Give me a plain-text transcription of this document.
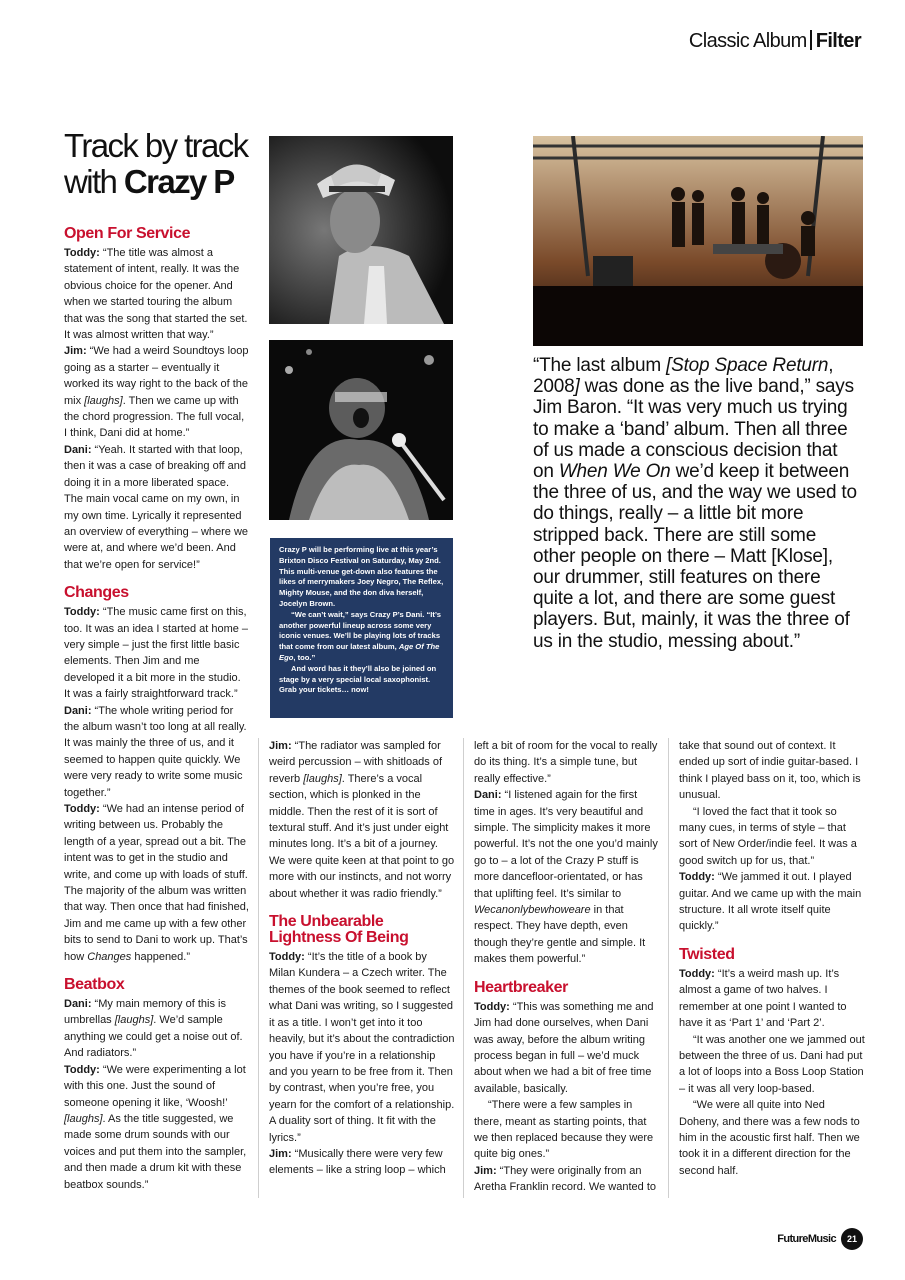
Classic Album Filter
Track by track
with Crazy P

Crazy P will be performing live at this year’s Brixton Disco Festival on Saturday, May 2nd. This multi-venue get-down also features the likes of merrymakers Joey Negro, The Reflex, Mighty Mouse, and the don diva herself, Jocelyn Brown.

“We can’t wait,” says Crazy P’s Dani. “It’s another powerful lineup across some very iconic venues. We’ll be playing lots of tracks that come from our latest album, Age Of The Ego, too.”

And word has it they’ll also be joined on stage by a very special local saxophonist. Grab your tickets… now!

“The last album [Stop Space Return, 2008] was done as the live band,” says Jim Baron. “It was very much us trying to make a ‘band’ album. Then all three of us made a conscious decision that on When We On we’d keep it between the three of us, and the way we used to do things, really – a little bit more stripped back. There are still some other people on there – Matt [Klose], our drummer, still features on there quite a lot, and there are some guest players. But, mainly, it was the three of us in the studio, messing about.”
Open For Service

Toddy: “The title was almost a statement of intent, really. It was the obvious choice for the opener. And when we started touring the album that was the song that started the set. It was almost written that way.”

Jim: “We had a weird Soundtoys loop going as a starter – eventually it worked its way right to the back of the mix [laughs]. Then we came up with the chord progression. The full vocal, I think, Dani did at home.”

Dani: “Yeah. It started with that loop, then it was a case of breaking off and doing it in a more liberated space. The main vocal came on my own, in my own time. Lyrically it represented an overview of everything – where we were at, and where we’d been. And that we’re open for service!”

Changes

Toddy: “The music came first on this, too. It was an idea I started at home – very simple – just the first little basic elements. Then Jim and me developed it a bit more in the studio. It was a fairly straightforward track.”

Dani: “The whole writing period for the album wasn’t too long at all really. It was mainly the three of us, and it seemed to happen quite quickly. We were very ready to write some music together.”

Toddy: “We had an intense period of writing between us. Probably the length of a year, spread out a bit. The intent was to get in the studio and write, and come up with loads of stuff. The majority of the album was written that way. Then once that had finished, Jim and me came up with a few other bits to send to Dani to work up. That’s how Changes happened.”

Beatbox

Dani: “My main memory of this is umbrellas [laughs]. We’d sample anything we could get a noise out of. And radiators.”

Toddy: “We were experimenting a lot with this one. Just the sound of someone opening it like, ‘Woosh!’ [laughs]. As the title suggested, we made some drum sounds with our voices and put them into the sampler, and then made a drum kit with these beatbox sounds.”

Jim: “The radiator was sampled for weird percussion – with shitloads of reverb [laughs]. There’s a vocal section, which is plonked in the middle. Then the rest of it is sort of textural stuff. And it’s just under eight minutes long. It’s a bit of a journey. We were quite keen at that point to go more with our instincts, and not worry about whether it was radio friendly.”

The Unbearable Lightness Of Being

Toddy: “It’s the title of a book by Milan Kundera – a Czech writer. The themes of the book seemed to reflect what Dani was writing, so I suggested it as a title. I won’t get into it too heavily, but it’s about the contradiction you have if you’re in a relationship and you yearn to be free from it. Then by contrast, when you’re free, you yearn for the comfort of a relationship. A duality sort of thing. It fit with the lyrics.”

Jim: “Musically there were very few elements – like a string loop – which

left a bit of room for the vocal to really do its thing. It’s a simple tune, but really effective.”

Dani: “I listened again for the first time in ages. It’s very beautiful and simple. The simplicity makes it more powerful. It’s not the one you’d mainly go to – a lot of the Crazy P stuff is more dancefloor-orientated, or has that uplifting feel. It’s similar to Wecanonlybewhoweare in that respect. They have depth, even though they’re gentle and simple. It makes them powerful.”

Heartbreaker

Toddy: “This was something me and Jim had done ourselves, when Dani was away, before the album writing process began in full – we’d muck about when we had a bit of free time available, basically.

“There were a few samples in there, meant as starting points, that we then replaced because they were quite big ones.”

Jim: “They were originally from an Aretha Franklin record. We wanted to

take that sound out of context. It ended up sort of indie guitar-based. I think I played bass on it, too, which is unusual.

“I loved the fact that it took so many cues, in terms of style – that sort of New Order/indie feel. It was a good switch up for us, that.”

Toddy: “We jammed it out. I played guitar. And we came up with the main structure. It all wrote itself quite quickly.”

Twisted

Toddy: “It’s a weird mash up. It’s almost a game of two halves. I remember at one point I wanted to have it as ‘Part 1’ and ‘Part 2’.

“It was another one we jammed out between the three of us. Dani had put a lot of loops into a Boss Loop Station – it was all very loop-based.

“We were all quite into Ned Doheny, and there was a few nods to him in the acoustic first half. Then we took it in a different direction for the second half.

FutureMusic	21
